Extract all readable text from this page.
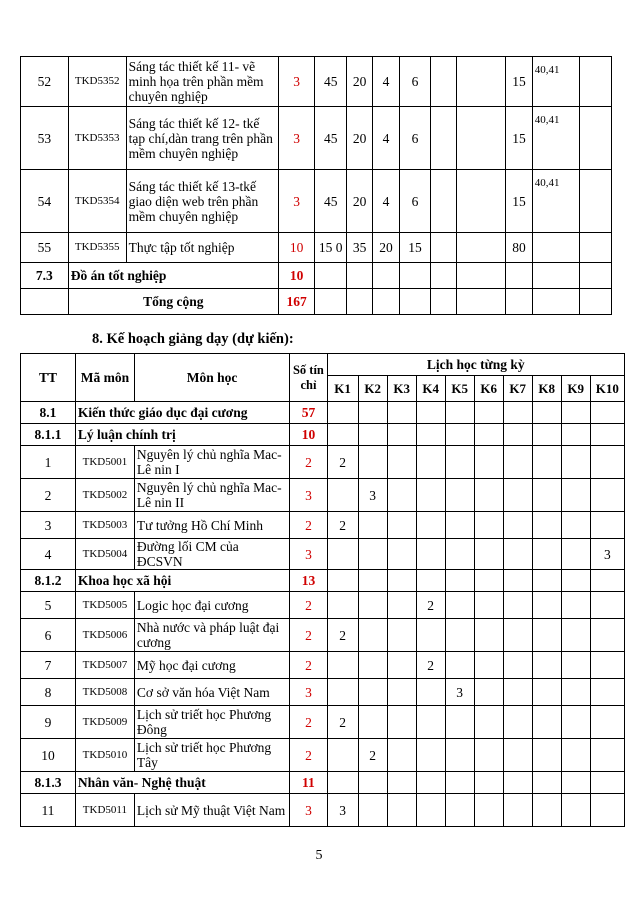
52	TKD5352	Sáng tác thiết kế 11- vẽ minh họa trên phần mềm chuyên nghiệp	3	45	20	4	6			15	40,41	
53	TKD5353	Sáng tác thiết kế 12- tkế tạp chí,dàn trang trên phần mềm chuyên nghiệp	3	45	20	4	6			15	40,41	
54	TKD5354	Sáng tác thiết kế 13-tkế giao diện web trên phần mềm chuyên nghiệp	3	45	20	4	6			15	40,41	
55	TKD5355	Thực tập tốt nghiệp	10	15 0	35	20	15			80		
7.3	Đồ án tốt nghiệp		10									
	Tổng cộng		167									
8. Kế hoạch giảng dạy (dự kiến):
TT	Mã môn	Môn học	Số tín chỉ	Lịch học từng kỳ									
				K1	K2	K3	K4	K5	K6	K7	K8	K9	K10
8.1	Kiến thức giáo dục đại cương		57										
8.1.1	Lý luận chính trị		10										
1	TKD5001	Nguyên lý chủ nghĩa Mac- Lê nin I	2	2									
2	TKD5002	Nguyên lý chủ nghĩa Mac- Lê nin II	3		3								
3	TKD5003	Tư tưởng Hồ Chí Minh	2	2									
4	TKD5004	Đường lối CM của ĐCSVN	3										3
8.1.2	Khoa học xã hội		13										
5	TKD5005	Logic học đại cương	2				2						
6	TKD5006	Nhà nước và pháp luật đại cương	2	2									
7	TKD5007	Mỹ học đại cương	2				2						
8	TKD5008	Cơ sở văn hóa Việt Nam	3					3					
9	TKD5009	Lịch sử triết học Phương Đông	2	2									
10	TKD5010	Lịch sử triết học Phương Tây	2		2								
8.1.3	Nhân văn- Nghệ thuật		11										
11	TKD5011	Lịch sử Mỹ thuật Việt Nam	3	3									
5
